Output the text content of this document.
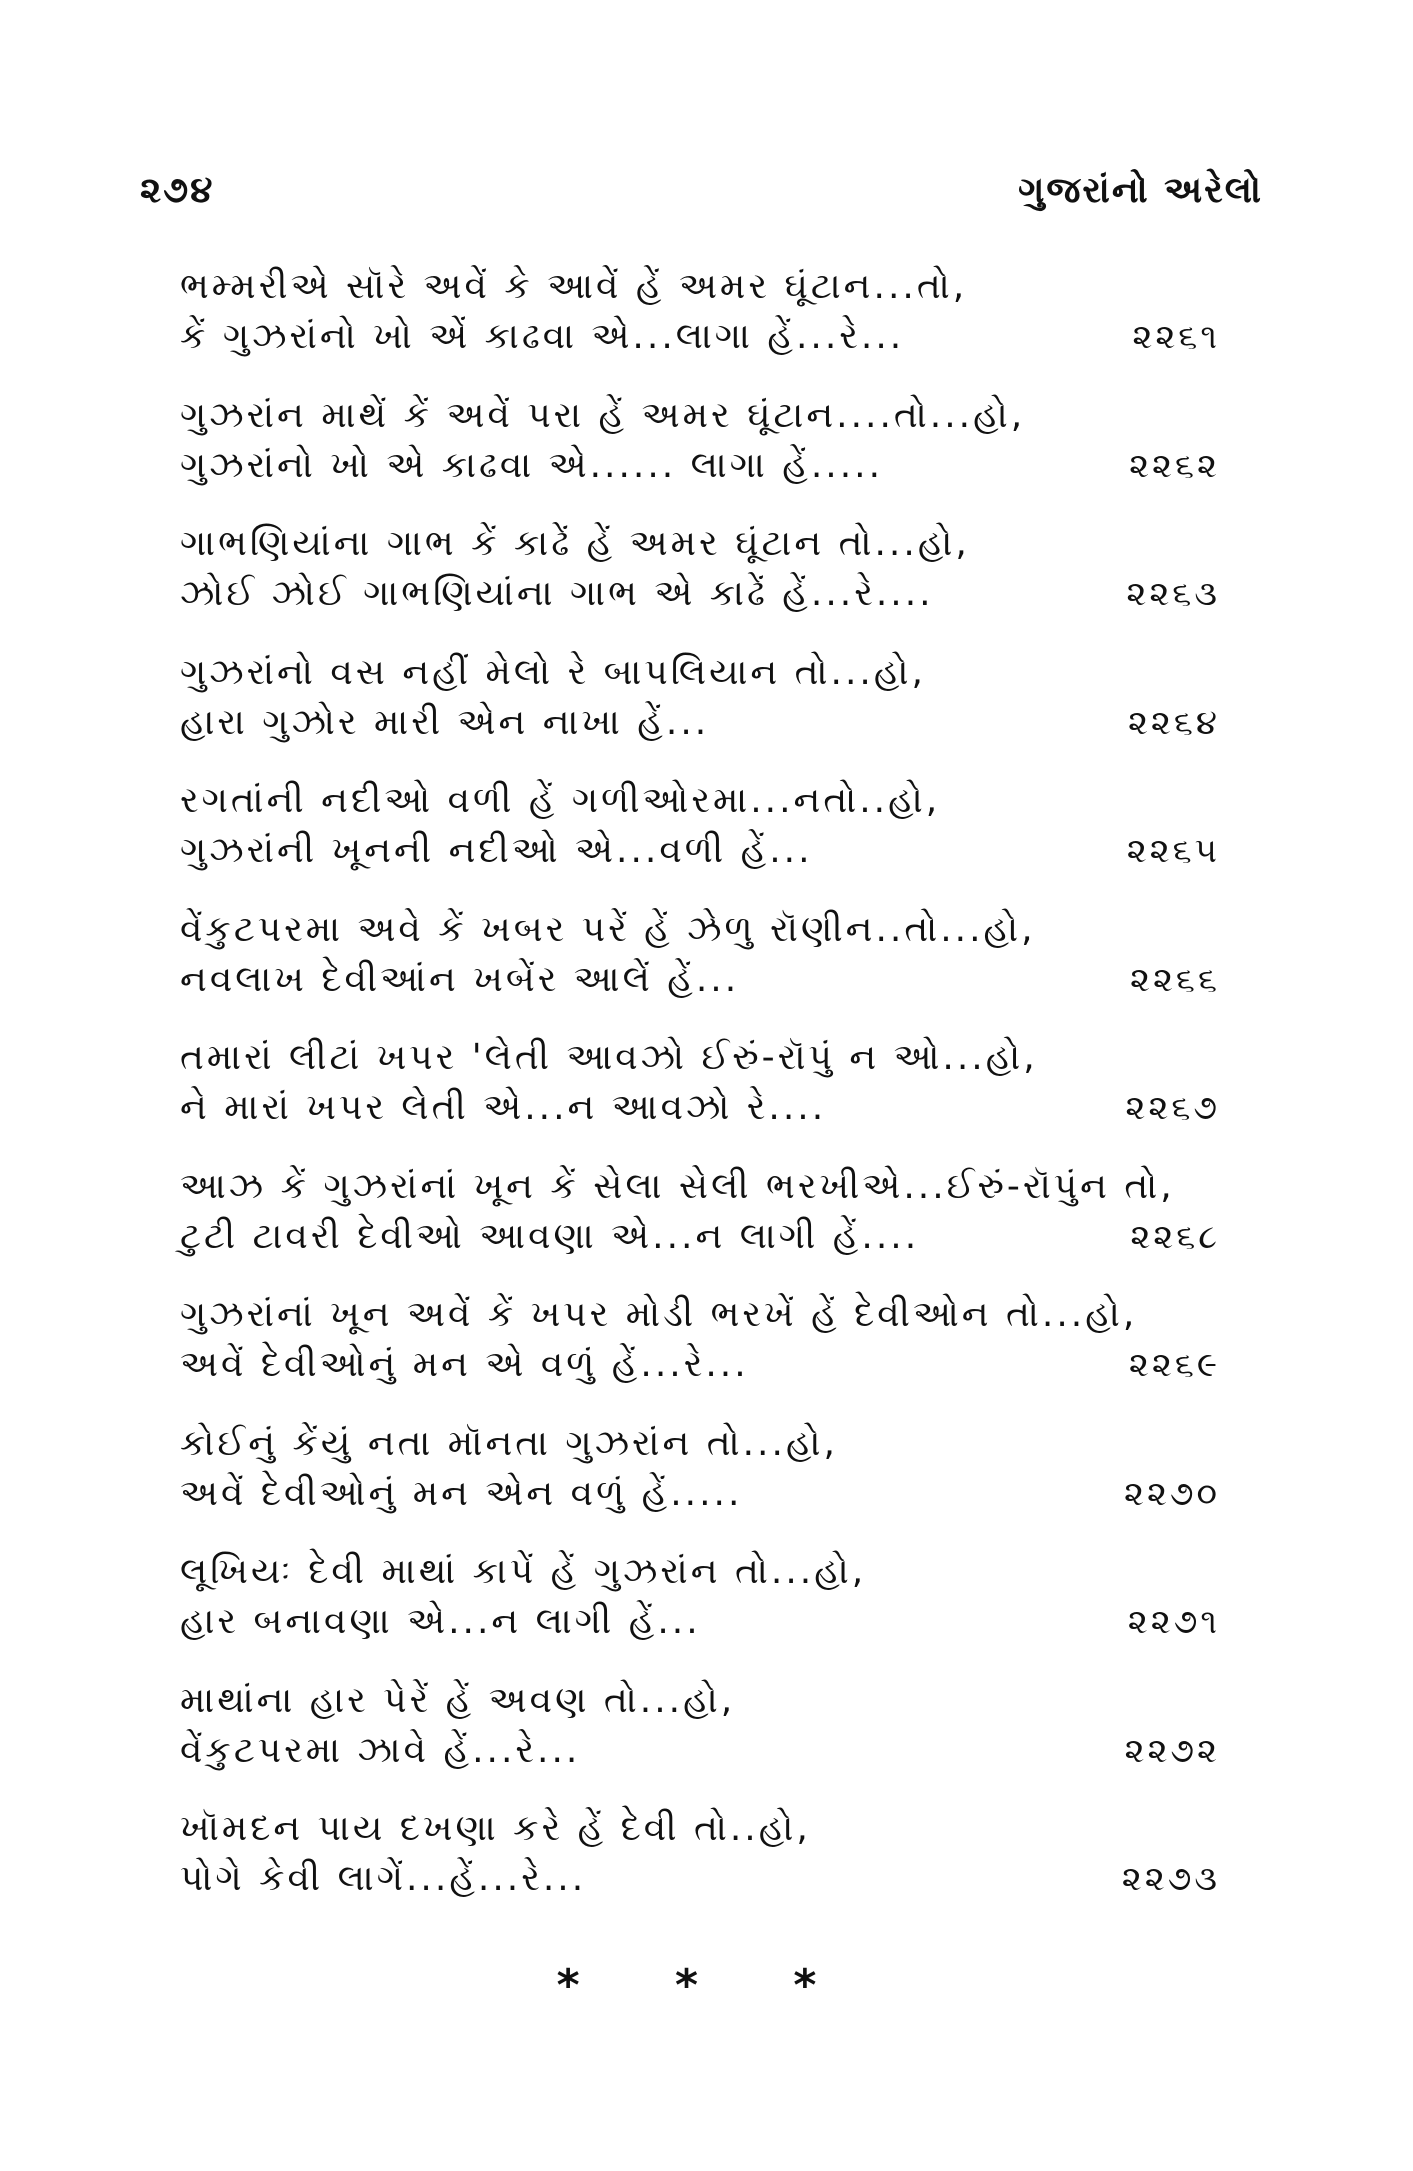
૨૭૪	ગુજરાંનો અરેલો
ભમ્મરીએ સૉરે અવેં કે આવેં હેં અમર ઘૂંટાન...તો,
કેં ગુઝરાંનો ખો એં કાઢવા એ...લાગા હેં...રે...	૨૨૬૧
ગુઝરાંન માથેં કેં અવેં પરા હેં અમર ઘૂંટાન....તો...હો,
ગુઝરાંનો ખો એ કાઢવા એ...... લાગા હેં.....	૨૨૬૨
ગાભણિયાંના ગાભ કેં કાઢેં હેં અમર ઘૂંટાન તો...હો,
ઝોઈ ઝોઈ ગાભણિયાંના ગાભ એ કાઢેં હેં...રે....	૨૨૬૩
ગુઝરાંનો વસ નહીં મેલો રે બાપલિયાન તો...હો,
હારા ગુઝોર મારી એન નાખા હેં...	૨૨૬૪
રગતાંની નદીઓ વળી હેં ગળીઓરમા...નતો..હો,
ગુઝરાંની ખૂનની નદીઓ એ...વળી હેં...	૨૨૬૫
વેંકુટપરમા અવે કેં ખબર પરેં હેં ઝેળુ રૉણીન..તો...હો,
નવલાખ દેવીઆંન ખબેંર આલેં હેં...	૨૨૬૬
તમારાં લીટાં ખપર 'લેતી આવઝો ઈરું-રૉપું ન ઓ...હો,
ને મારાં ખપર લેતી એ...ન આવઝો રે....	૨૨૬૭
આઝ કેં ગુઝરાંનાં ખૂન કેં સેલા સેલી ભરખીએ...ઈરું-રૉપુંન તો,
ટુટી ટાવરી દેવીઓ આવણા એ...ન લાગી હેં....	૨૨૬૮
ગુઝરાંનાં ખૂન અવેં કેં ખપર મોડી ભરખેં હેં દેવીઓન તો...હો,
અવેં દેવીઓનું મન એ વળું હેં...રે...	૨૨૬૯
કોઈનું કેંયું નતા મૉનતા ગુઝરાંન તો...હો,
અવેં દેવીઓનું મન એન વળું હેં.....	૨૨૭૦
લૂખિયઃ દેવી માથાં કાપેં હેં ગુઝરાંન તો...હો,
હાર બનાવણા એ...ન લાગી હેં...	૨૨૭૧
માથાંના હાર પેરેં હેં અવણ તો...હો,
વેંકુટપરમા ઝાવે હેં...રે...	૨૨૭૨
ખૉમદન પાય દખણા કરે હેં દેવી તો..હો,
પોગે કેવી લાગેં...હેં...રે...	૨૨૭૩
* * *
